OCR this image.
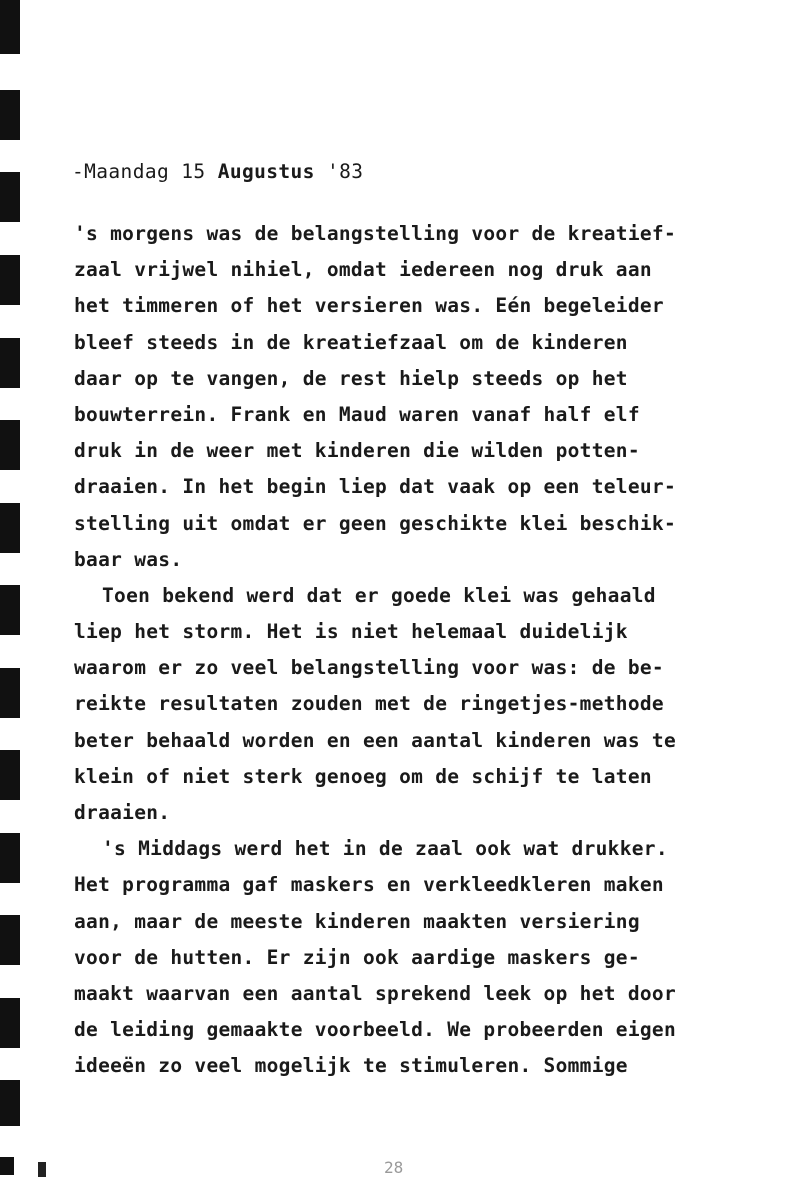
-Maandag 15 Augustus '83
's morgens was de belangstelling voor de kreatief-
zaal vrijwel nihiel, omdat iedereen nog druk aan
het timmeren of het versieren was. Eén begeleider
bleef steeds in de kreatiefzaal om de kinderen
daar op te vangen, de rest hielp steeds op het
bouwterrein. Frank en Maud waren vanaf half elf
druk in de weer met kinderen die wilden potten-
draaien. In het begin liep dat vaak op een teleur-
stelling uit omdat er geen geschikte klei beschik-
baar was.
Toen bekend werd dat er goede klei was gehaald
liep het storm. Het is niet helemaal duidelijk
waarom er zo veel belangstelling voor was: de be-
reikte resultaten zouden met de ringetjes-methode
beter behaald worden en een aantal kinderen was te
klein of niet sterk genoeg om de schijf te laten
draaien.
's Middags werd het in de zaal ook wat drukker.
Het programma gaf maskers en verkleedkleren maken
aan, maar de meeste kinderen maakten versiering
voor de hutten. Er zijn ook aardige maskers ge-
maakt waarvan een aantal sprekend leek op het door
de leiding gemaakte voorbeeld. We probeerden eigen
ideeën zo veel mogelijk te stimuleren. Sommige
28
